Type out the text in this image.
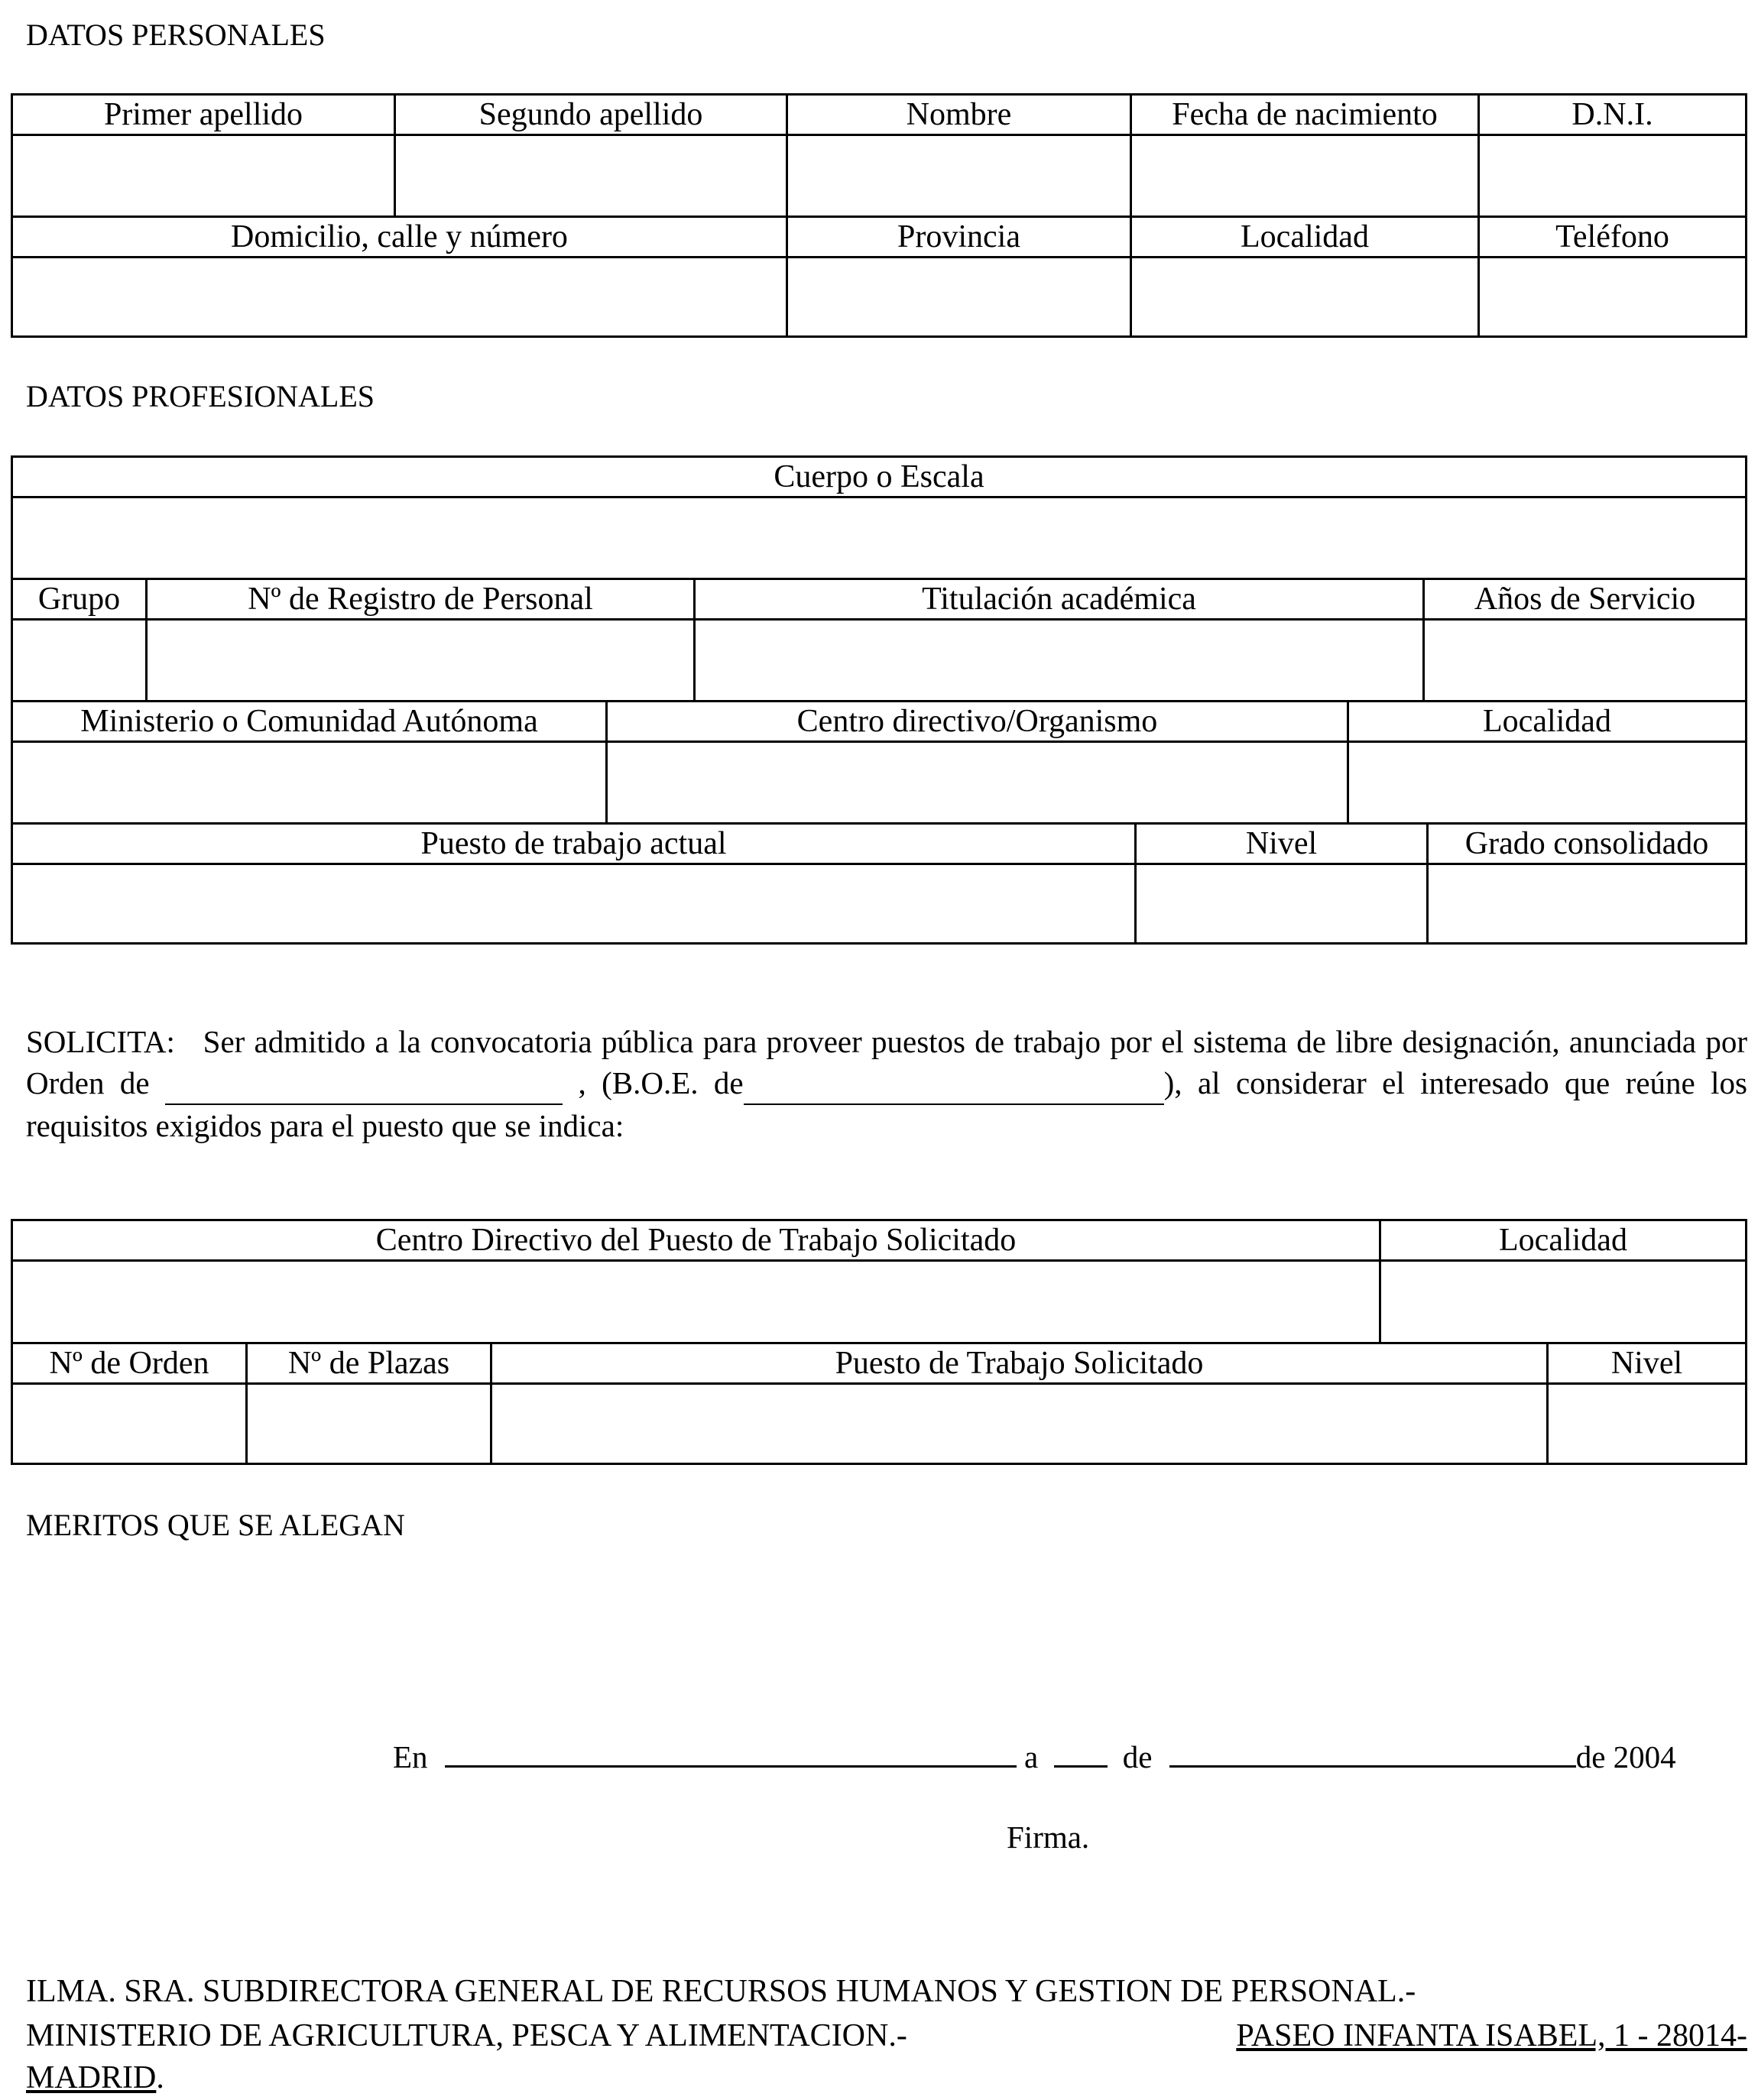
DATOS PERSONALES
Primer apellido	Segundo apellido	Nombre	Fecha de nacimiento	D.N.I.
Domicilio, calle y número	Provincia	Localidad	Teléfono
DATOS PROFESIONALES
Cuerpo o Escala
Grupo	Nº de Registro de Personal	Titulación académica	Años de Servicio
Ministerio o Comunidad Autónoma	Centro directivo/Organismo	Localidad
Puesto de trabajo actual	Nivel	Grado consolidado
SOLICITA: Ser admitido a la convocatoria pública para proveer puestos de trabajo por el sistema de libre designación, anunciada por Orden de	, (B.O.E. de	), al considerar el interesado que reúne los requisitos exigidos para el puesto que se indica:
Centro Directivo del Puesto de Trabajo Solicitado	Localidad
Nº de Orden	Nº de Plazas	Puesto de Trabajo Solicitado	Nivel
MERITOS QUE SE ALEGAN
En	a	de	de 2004
Firma.
ILMA. SRA. SUBDIRECTORA GENERAL DE RECURSOS HUMANOS Y GESTION DE PERSONAL.-
MINISTERIO DE AGRICULTURA, PESCA Y ALIMENTACION.-	PASEO INFANTA ISABEL, 1 - 28014-
MADRID.
